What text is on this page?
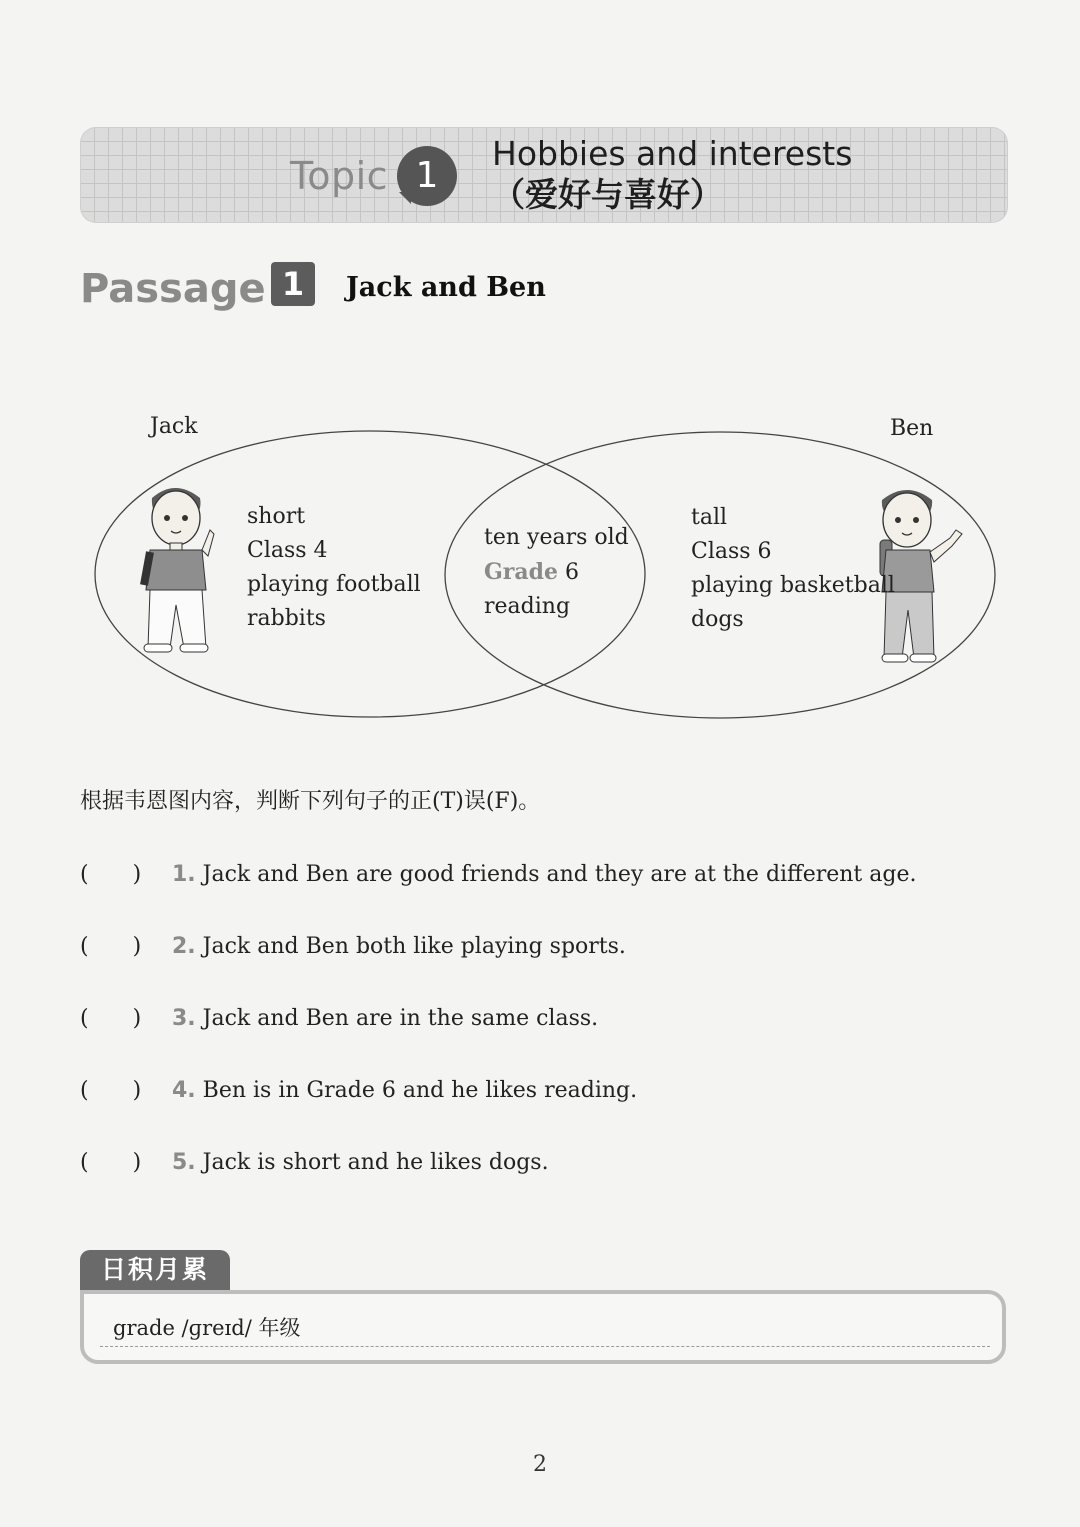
Topic 1
Hobbies and interests
（爱好与喜好）
Passage 1	Jack and Ben
Jack	Ben
short
Class 4
playing football
rabbits
ten years old
Grade 6
reading
tall
Class 6
playing basketball
dogs
根据韦恩图内容，判断下列句子的正(T)误(F)。
(　　) 1. Jack and Ben are good friends and they are at the different age.
(　　) 2. Jack and Ben both like playing sports.
(　　) 3. Jack and Ben are in the same class.
(　　) 4. Ben is in Grade 6 and he likes reading.
(　　) 5. Jack is short and he likes dogs.
日积月累
grade /ɡreɪd/ 年级
2
